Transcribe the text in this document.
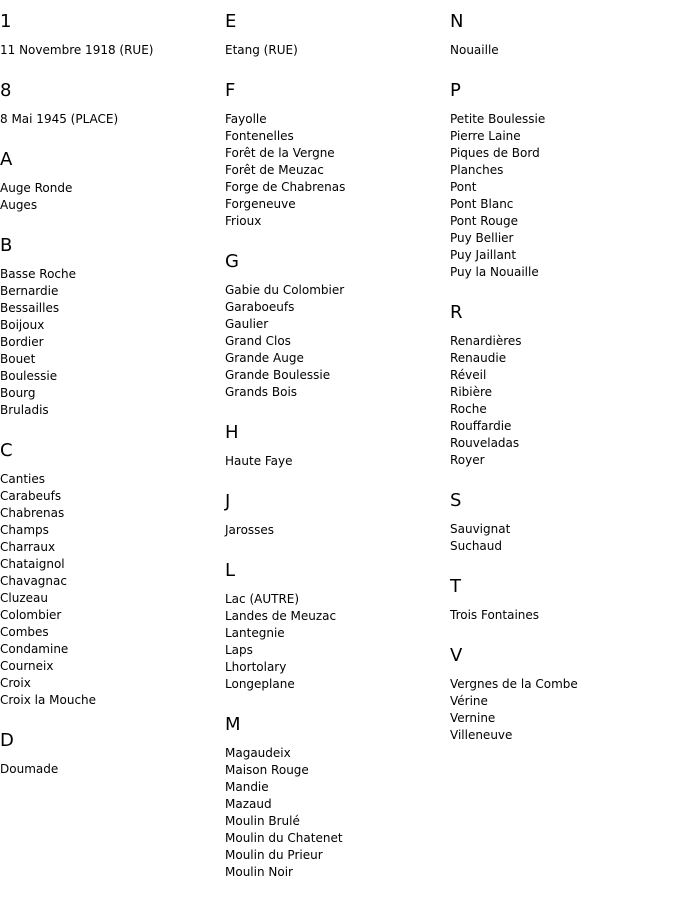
1
11 Novembre 1918 (RUE)
8
8 Mai 1945 (PLACE)
A
Auge Ronde
Auges
B
Basse Roche
Bernardie
Bessailles
Boijoux
Bordier
Bouet
Boulessie
Bourg
Bruladis
C
Canties
Carabeufs
Chabrenas
Champs
Charraux
Chataignol
Chavagnac
Cluzeau
Colombier
Combes
Condamine
Courneix
Croix
Croix la Mouche
D
Doumade
E
Etang (RUE)
F
Fayolle
Fontenelles
Forêt de la Vergne
Forêt de Meuzac
Forge de Chabrenas
Forgeneuve
Frioux
G
Gabie du Colombier
Garaboeufs
Gaulier
Grand Clos
Grande Auge
Grande Boulessie
Grands Bois
H
Haute Faye
J
Jarosses
L
Lac (AUTRE)
Landes de Meuzac
Lantegnie
Laps
Lhortolary
Longeplane
M
Magaudeix
Maison Rouge
Mandie
Mazaud
Moulin Brulé
Moulin du Chatenet
Moulin du Prieur
Moulin Noir
N
Nouaille
P
Petite Boulessie
Pierre Laine
Piques de Bord
Planches
Pont
Pont Blanc
Pont Rouge
Puy Bellier
Puy Jaillant
Puy la Nouaille
R
Renardières
Renaudie
Réveil
Ribière
Roche
Rouffardie
Rouveladas
Royer
S
Sauvignat
Suchaud
T
Trois Fontaines
V
Vergnes de la Combe
Vérine
Vernine
Villeneuve
